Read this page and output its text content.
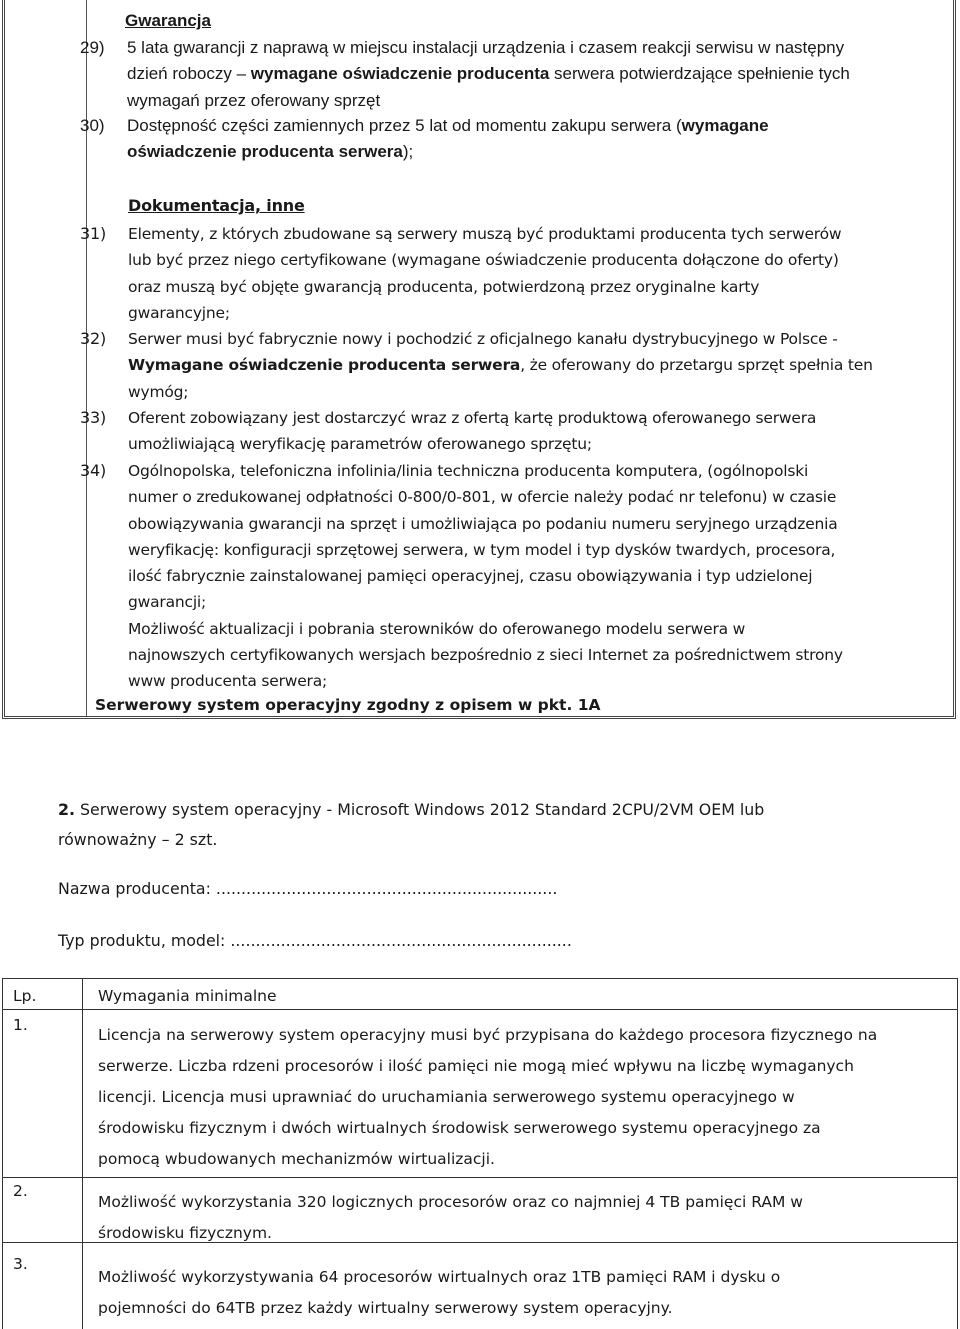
Gwarancja
29) 5 lata gwarancji z naprawą w miejscu instalacji urządzenia i czasem reakcji serwisu w następny
dzień roboczy – wymagane oświadczenie producenta serwera potwierdzające spełnienie tych
wymagań przez oferowany sprzęt
30) Dostępność części zamiennych przez 5 lat od momentu zakupu serwera (wymagane
oświadczenie producenta serwera);
Dokumentacja, inne
31) Elementy, z których zbudowane są serwery muszą być produktami producenta tych serwerów
lub być przez niego certyfikowane (wymagane oświadczenie producenta dołączone do oferty)
oraz muszą być objęte gwarancją producenta, potwierdzoną przez oryginalne karty
gwarancyjne;
32) Serwer musi być fabrycznie nowy i pochodzić z oficjalnego kanału dystrybucyjnego w Polsce -
Wymagane oświadczenie producenta serwera, że oferowany do przetargu sprzęt spełnia ten
wymóg;
33) Oferent zobowiązany jest dostarczyć wraz z ofertą kartę produktową oferowanego serwera
umożliwiającą weryfikację parametrów oferowanego sprzętu;
34) Ogólnopolska, telefoniczna infolinia/linia techniczna producenta komputera, (ogólnopolski
numer o zredukowanej odpłatności 0-800/0-801, w ofercie należy podać nr telefonu) w czasie
obowiązywania gwarancji na sprzęt i umożliwiająca po podaniu numeru seryjnego urządzenia
weryfikację: konfiguracji sprzętowej serwera, w tym model i typ dysków twardych, procesora,
ilość fabrycznie zainstalowanej pamięci operacyjnej, czasu obowiązywania i typ udzielonej
gwarancji;
Możliwość aktualizacji i pobrania sterowników do oferowanego modelu serwera w
najnowszych certyfikowanych wersjach bezpośrednio z sieci Internet za pośrednictwem strony
www producenta serwera;
Serwerowy system operacyjny zgodny z opisem w pkt. 1A
2. Serwerowy system operacyjny - Microsoft Windows 2012 Standard 2CPU/2VM OEM lub
równoważny – 2 szt.
Nazwa producenta: ....................................................................
Typ produktu, model: ....................................................................
Lp.	Wymagania minimalne
1.
Licencja na serwerowy system operacyjny musi być przypisana do każdego procesora fizycznego na
serwerze. Liczba rdzeni procesorów i ilość pamięci nie mogą mieć wpływu na liczbę wymaganych
licencji. Licencja musi uprawniać do uruchamiania serwerowego systemu operacyjnego w
środowisku fizycznym i dwóch wirtualnych środowisk serwerowego systemu operacyjnego za
pomocą wbudowanych mechanizmów wirtualizacji.
2.
Możliwość wykorzystania 320 logicznych procesorów oraz co najmniej 4 TB pamięci RAM w
środowisku fizycznym.
3.
Możliwość wykorzystywania 64 procesorów wirtualnych oraz 1TB pamięci RAM i dysku o
pojemności do 64TB przez każdy wirtualny serwerowy system operacyjny.
